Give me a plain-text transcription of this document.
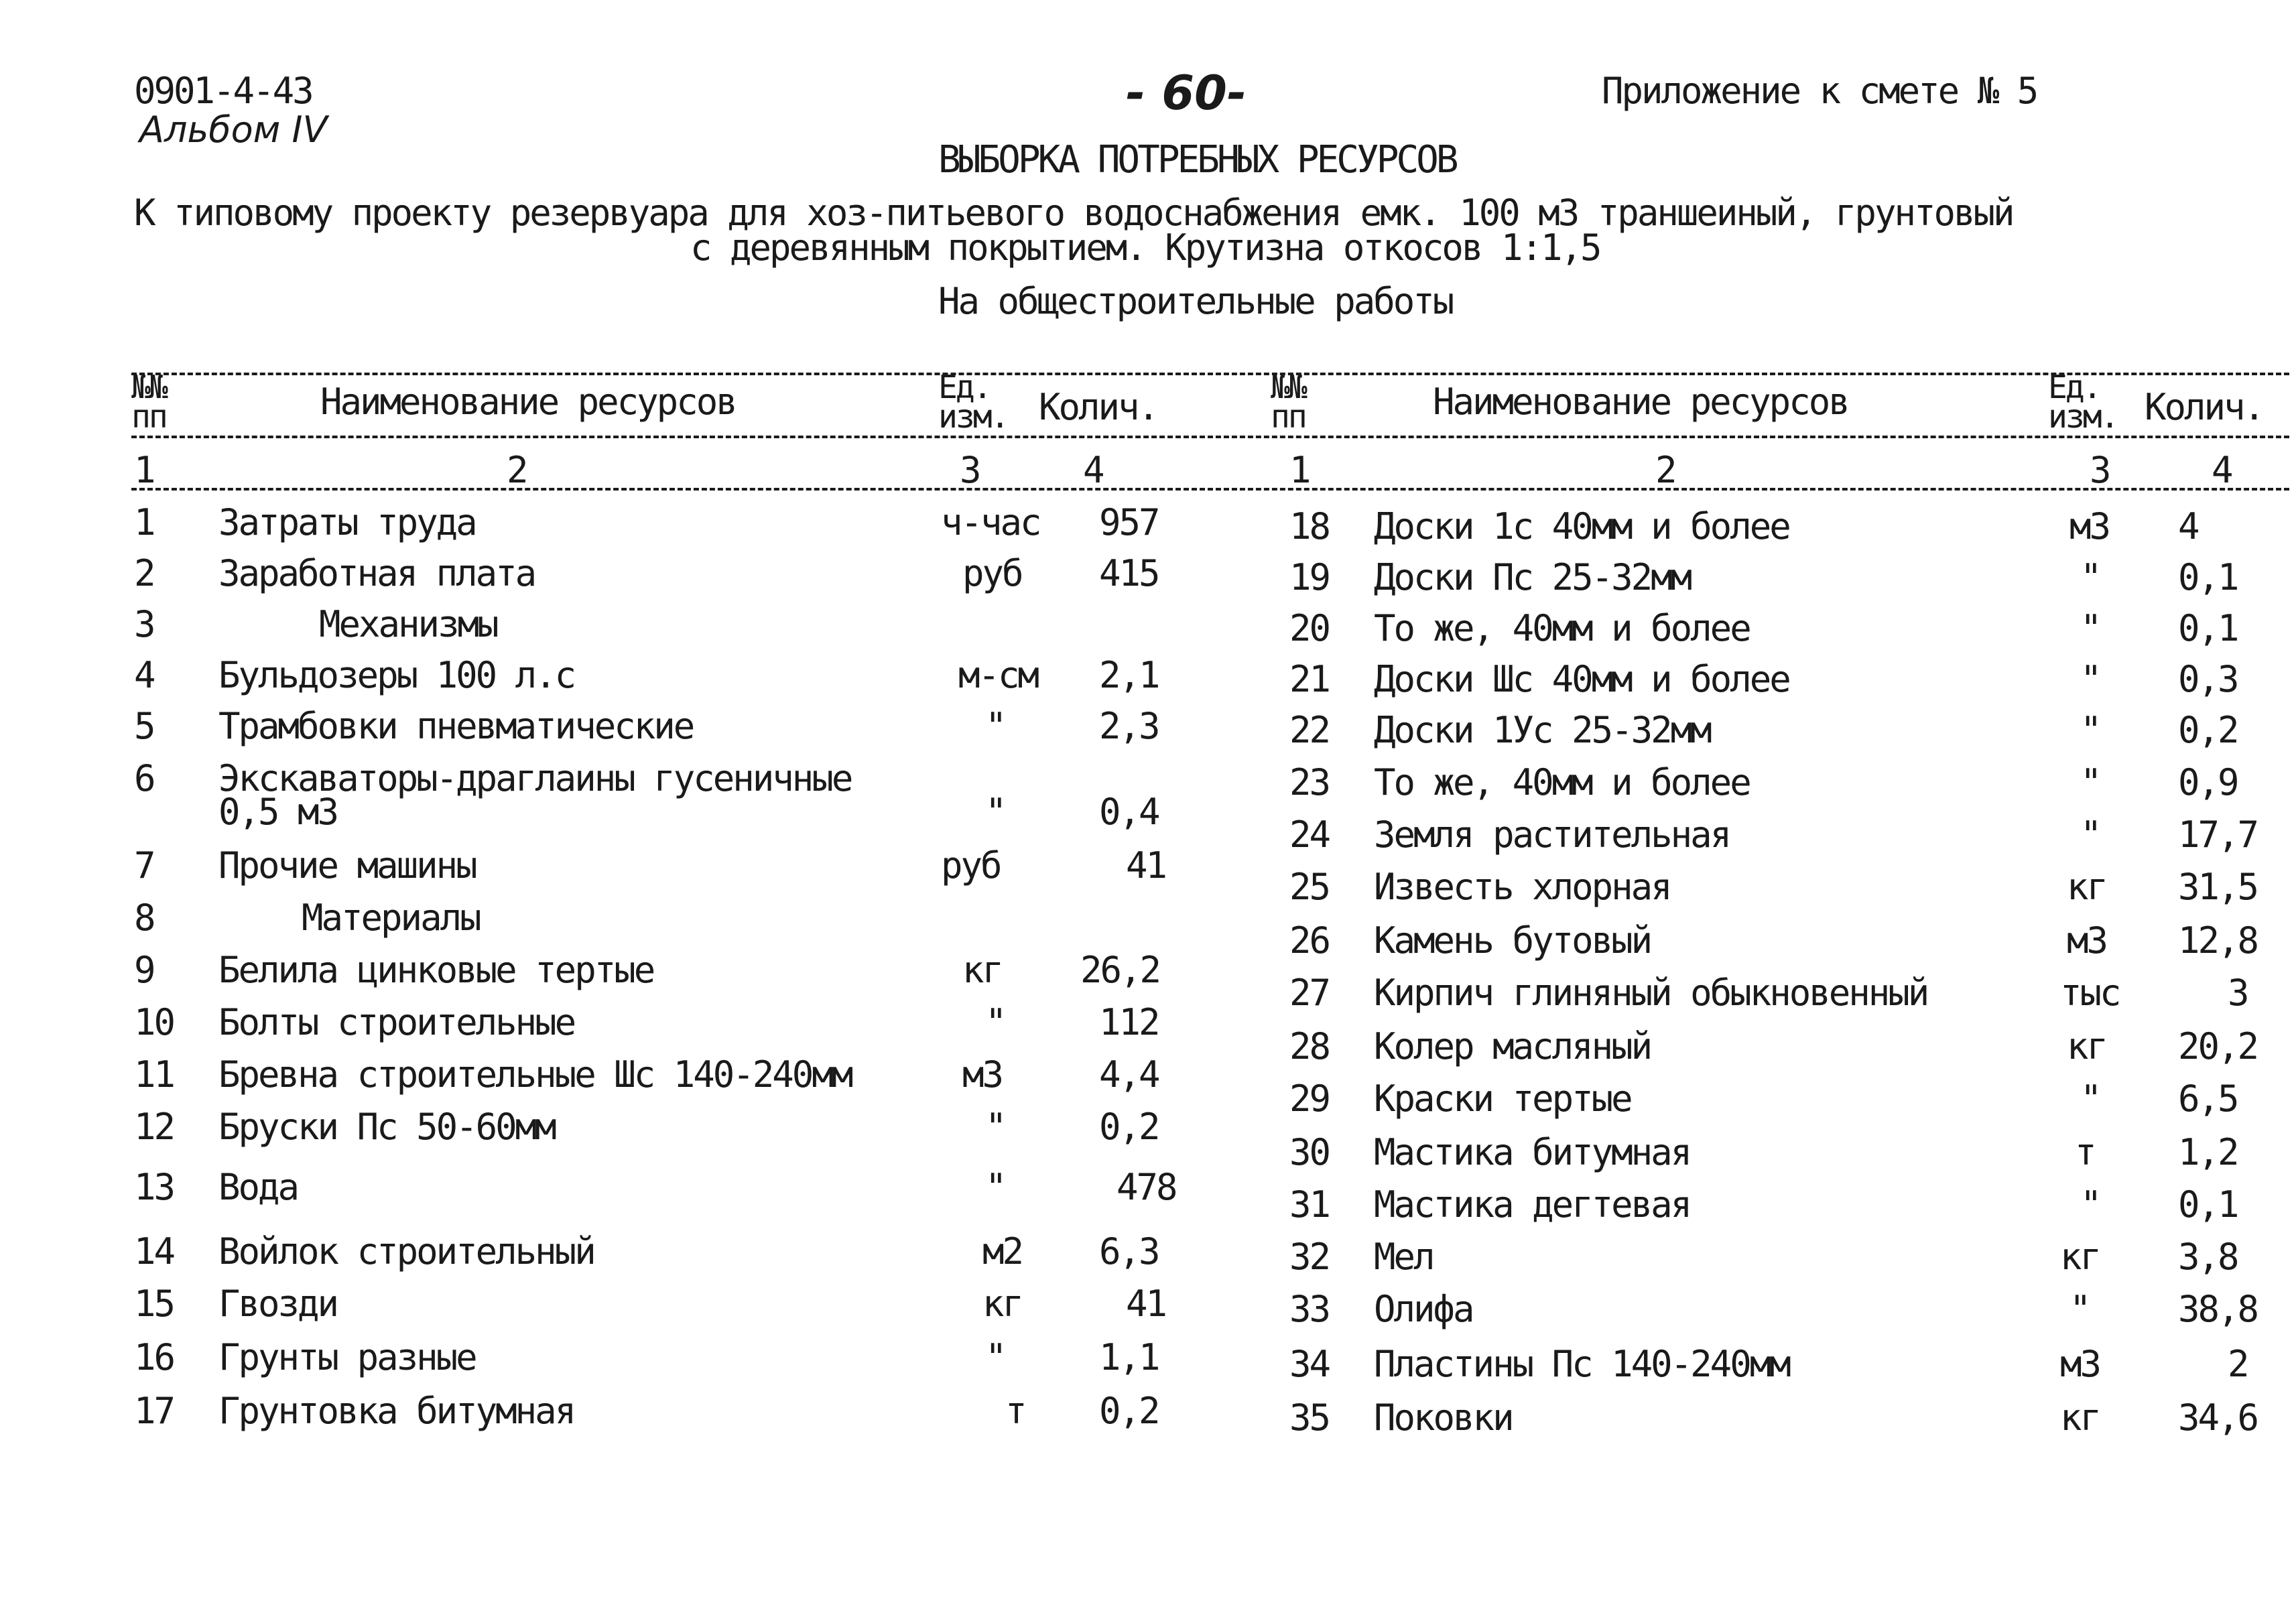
0901-4-43
Альбом IV
- 60-	Приложение к смете № 5
ВЫБОРКА ПОТРЕБНЫХ РЕСУРСОВ
К типовому проекту резервуара для хоз-питьевого водоснабжения емк. 100 м3 траншеиный, грунтовый
с деревянным покрытием. Крутизна откосов 1:1,5
На общестроительные работы
№№
пп	Наименование ресурсов	Ед.
изм. Колич.	№№
пп	Наименование ресурсов	Ед.
изм. Колич.
1	2	3	4	1	2	3	4
1 Затраты труда	ч-час 957
2 Заработная плата	руб 415
3	Механизмы
4 Бульдозеры 100 л.с	м-см 2,1
5 Трамбовки пневматические	"	2,3
6 Экскаваторы-драглаины гусеничные
0,5 м3	"	0,4
7 Прочие машины	руб	41
8	Материалы
9 Белила цинковые тертые	кг 26,2
10 Болты строительные	"	112
11 Бревна строительные Шс 140-240мм	м3	4,4
12 Бруски Пс 50-60мм	"	0,2
13 Вода	"	478
14 Войлок строительный	м2 6,3
15 Гвозди	кг	41
16 Грунты разные	"	1,1
17 Грунтовка битумная	т 0,2
18 Доски 1с 40мм и более	м3 4
19 Доски Пс 25-32мм	" 0,1
20 То же, 40мм и более	" 0,1
21 Доски Шс 40мм и более	" 0,3
22 Доски 1Ус 25-32мм	" 0,2
23 То же, 40мм и более	" 0,9
24 Земля растительная	" 17,7
25 Известь хлорная	кг 31,5
26 Камень бутовый	м3 12,8
27 Кирпич глиняный обыкновенный	тыс	3
28 Колер масляный	кг 20,2
29 Краски тертые	" 6,5
30 Мастика битумная	т 1,2
31 Мастика дегтевая	" 0,1
32 Мел	кг 3,8
33 Олифа	" 38,8
34 Пластины Пс 140-240мм	м3	2
35 Поковки	кг 34,6
